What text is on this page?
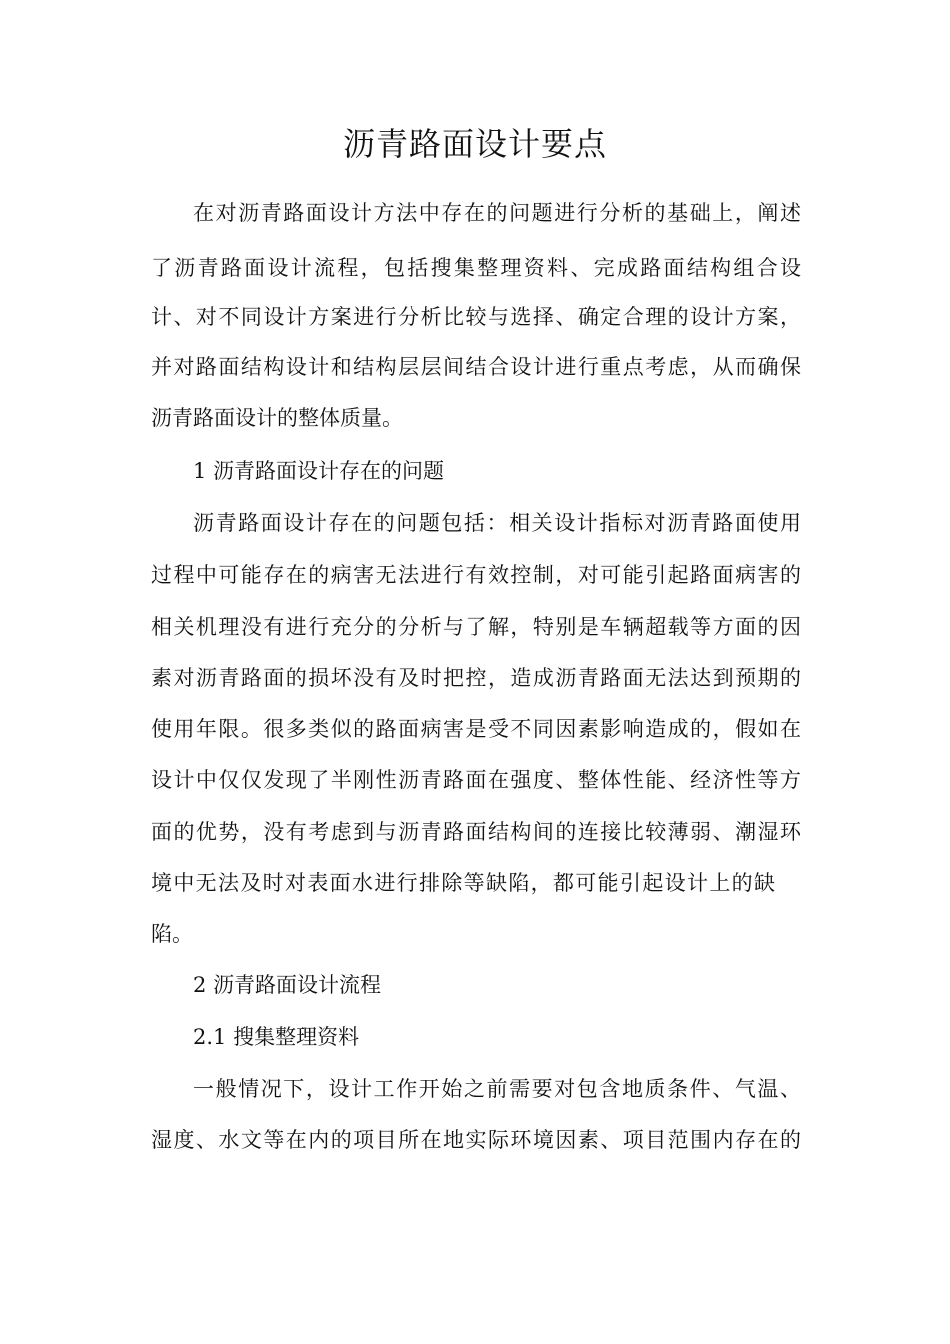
沥青路面设计要点

在对沥青路面设计方法中存在的问题进行分析的基础上，阐述

了沥青路面设计流程，包括搜集整理资料、完成路面结构组合设

计、对不同设计方案进行分析比较与选择、确定合理的设计方案，

并对路面结构设计和结构层层间结合设计进行重点考虑，从而确保

沥青路面设计的整体质量。

1 沥青路面设计存在的问题

沥青路面设计存在的问题包括：相关设计指标对沥青路面使用

过程中可能存在的病害无法进行有效控制，对可能引起路面病害的

相关机理没有进行充分的分析与了解，特别是车辆超载等方面的因

素对沥青路面的损坏没有及时把控，造成沥青路面无法达到预期的

使用年限。很多类似的路面病害是受不同因素影响造成的，假如在

设计中仅仅发现了半刚性沥青路面在强度、整体性能、经济性等方

面的优势，没有考虑到与沥青路面结构间的连接比较薄弱、潮湿环

境中无法及时对表面水进行排除等缺陷，都可能引起设计上的缺

陷。

2 沥青路面设计流程

2.1 搜集整理资料

一般情况下，设计工作开始之前需要对包含地质条件、气温、

湿度、水文等在内的项目所在地实际环境因素、项目范围内存在的
